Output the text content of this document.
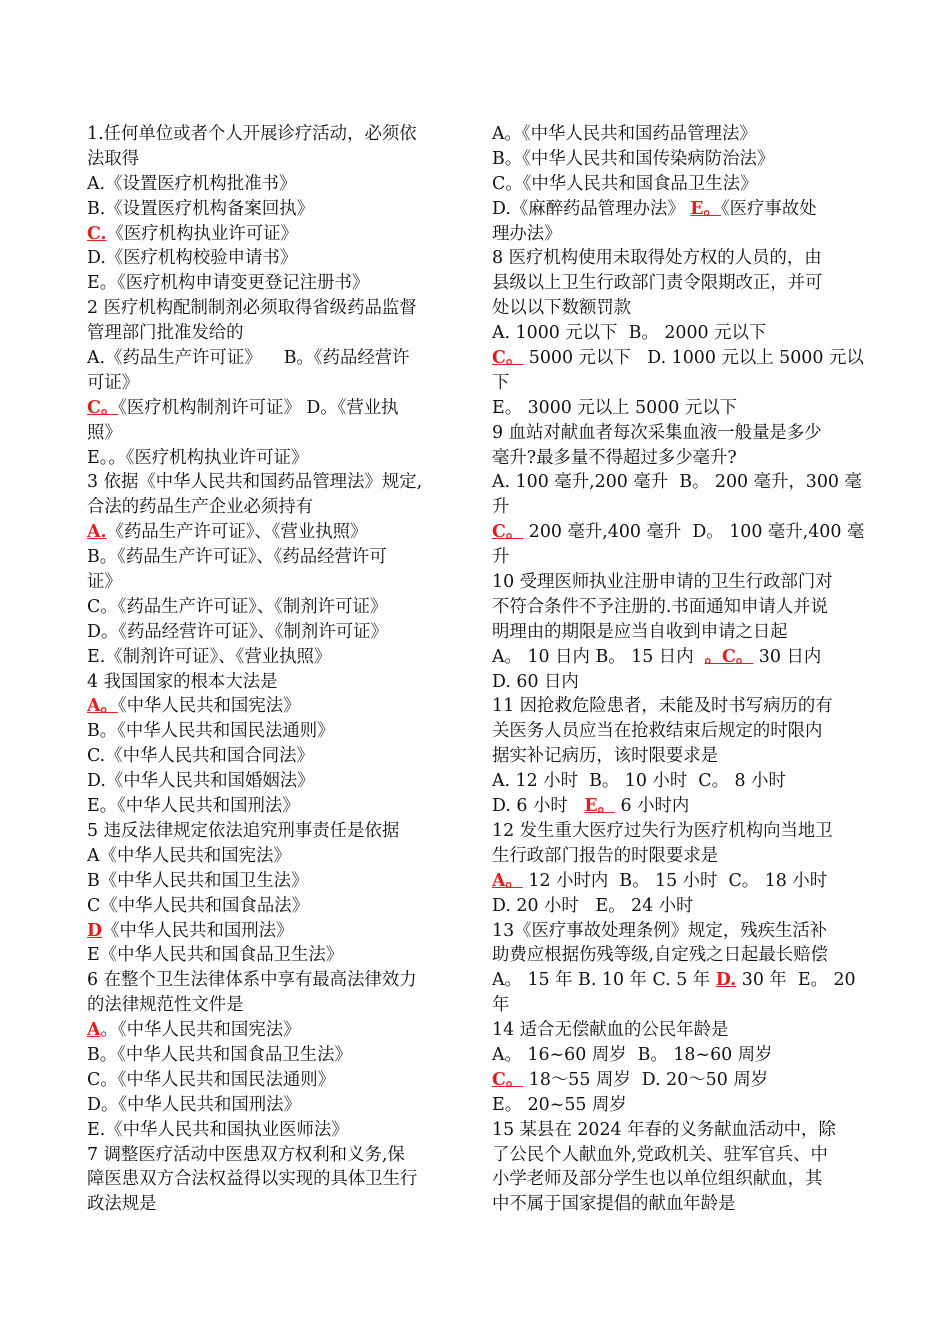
1.任何单位或者个人开展诊疗活动，必须依
法取得
A.《设置医疗机构批准书》
B.《设置医疗机构备案回执》
C.《医疗机构执业许可证》
D.《医疗机构校验申请书》
E。《医疗机构申请变更登记注册书》
2 医疗机构配制制剂必须取得省级药品监督
管理部门批准发给的
A.《药品生产许可证》    B。《药品经营许
可证》
C。《医疗机构制剂许可证》 D。《营业执
照》
E。。《医疗机构执业许可证》
3 依据《中华人民共和国药品管理法》规定,
合法的药品生产企业必须持有
A.《药品生产许可证》、《营业执照》
B。《药品生产许可证》、《药品经营许可
证》
C。《药品生产许可证》、《制剂许可证》
D。《药品经营许可证》、《制剂许可证》
E.《制剂许可证》、《营业执照》
4 我国国家的根本大法是
A。《中华人民共和国宪法》
B。《中华人民共和国民法通则》
C.《中华人民共和国合同法》
D.《中华人民共和国婚姻法》
E。《中华人民共和国刑法》
5 违反法律规定依法追究刑事责任是依据
A《中华人民共和国宪法》
B《中华人民共和国卫生法》
C《中华人民共和国食品法》
D《中华人民共和国刑法》
E《中华人民共和国食品卫生法》
6 在整个卫生法律体系中享有最高法律效力
的法律规范性文件是
A。《中华人民共和国宪法》
B。《中华人民共和国食品卫生法》
C。《中华人民共和国民法通则》
D。《中华人民共和国刑法》
E.《中华人民共和国执业医师法》
7 调整医疗活动中医患双方权利和义务,保
障医患双方合法权益得以实现的具体卫生行
政法规是
A。《中华人民共和国药品管理法》
B。《中华人民共和国传染病防治法》
C。《中华人民共和国食品卫生法》
D.《麻醉药品管理办法》 E。《医疗事故处
理办法》
8 医疗机构使用未取得处方权的人员的，由
县级以上卫生行政部门责令限期改正，并可
处以以下数额罚款
A. 1000 元以下  B。 2000 元以下
C。 5000 元以下   D. 1000 元以上 5000 元以
下
E。 3000 元以上 5000 元以下
9 血站对献血者每次采集血液一般量是多少
毫升?最多量不得超过多少毫升?
A. 100 毫升,200 毫升  B。 200 毫升，300 毫
升
C。 200 毫升,400 毫升  D。 100 毫升,400 毫
升
10 受理医师执业注册申请的卫生行政部门对
不符合条件不予注册的.书面通知申请人并说
明理由的期限是应当自收到申请之日起
A。 10 日内 B。 15 日内  。C。 30 日内
D. 60 日内
11 因抢救危险患者，未能及时书写病历的有
关医务人员应当在抢救结束后规定的时限内
据实补记病历，该时限要求是
A. 12 小时  B。 10 小时  C。 8 小时
D. 6 小时   E。 6 小时内
12 发生重大医疗过失行为医疗机构向当地卫
生行政部门报告的时限要求是
A。 12 小时内  B。 15 小时  C。 18 小时
D. 20 小时   E。 24 小时
13《医疗事故处理条例》规定，残疾生活补
助费应根据伤残等级,自定残之日起最长赔偿
A。 15 年 B. 10 年 C. 5 年 D. 30 年  E。 20
年
14 适合无偿献血的公民年龄是
A。 16~60 周岁  B。 18~60 周岁
C。 18～55 周岁  D. 20～50 周岁
E。 20~55 周岁
15 某县在 2024 年春的义务献血活动中，除
了公民个人献血外,党政机关、驻军官兵、中
小学老师及部分学生也以单位组织献血，其
中不属于国家提倡的献血年龄是
